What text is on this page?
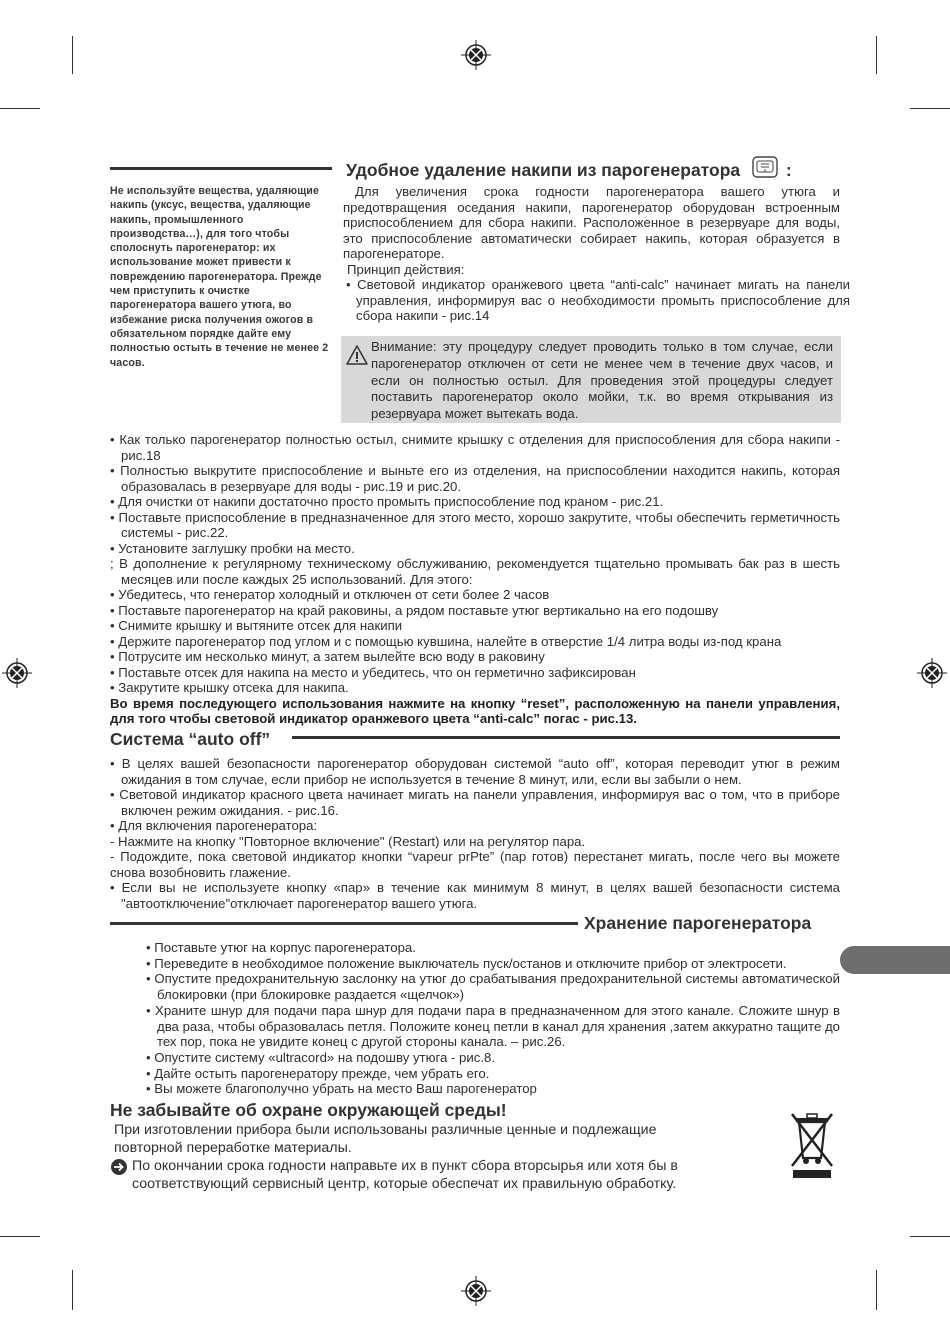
Удобное удаление накипи из парогенератора	:
Не используйте вещества, удаляющие накипь (уксус, вещества, удаляющие накипь, промышленного производства…), для того чтобы сполоснуть парогенератор: их использование может привести к повреждению парогенератора. Прежде чем приступить к очистке парогенератора вашего утюга, во избежание риска получения ожогов в обязательном порядке дайте ему полностью остыть в течение не менее 2 часов.
Для увеличения срока годности парогенератора вашего утюга и предотвращения оседания накипи, парогенератор оборудован встроенным приспособлением для сбора накипи. Расположенное в резервуаре для воды, это приспособление автоматически собирает накипь, которая образуется в парогенераторе.
Принцип действия:
• Световой индикатор оранжевого цвета “anti-calc” начинает мигать на панели управления, информируя вас о необходимости промыть приспособление для сбора накипи - рис.14
Внимание: эту процедуру следует проводить только в том случае, если парогенератор отключен от сети не менее чем в течение двух часов, и если он полностью остыл. Для проведения этой процедуры следует поставить парогенератор около мойки, т.к. во время открывания из резервуара может вытекать вода.
• Как только парогенератор полностью остыл, снимите крышку с отделения для приспособления для сбора накипи - рис.18
• Полностью выкрутите приспособление и выньте его из отделения, на приспособлении находится накипь, которая образовалась в резервуаре для воды - рис.19 и рис.20.
• Для очистки от накипи достаточно просто промыть приспособление под краном - рис.21.
• Поставьте приспособление в предназначенное для этого место, хорошо закрутите, чтобы обеспечить герметичность системы - рис.22.
• Установите заглушку пробки на место.
; В дополнение к регулярному техническому обслуживанию, рекомендуется тщательно промывать бак раз в шесть месяцев или после каждых 25 использований. Для этого:
• Убедитесь, что генератор холодный и отключен от сети более 2 часов
• Поставьте парогенератор на край раковины, а рядом поставьте утюг вертикально на его подошву
• Снимите крышку и вытяните отсек для накипи
• Держите парогенератор под углом и с помощью кувшина, налейте в отверстие 1/4 литра воды из-под крана
• Потрусите им несколько минут, а затем вылейте всю воду в раковину
• Поставьте отсек для накипа на место и убедитесь, что он герметично зафиксирован
• Закрутите крышку отсека для накипа.
Во время последующего использования нажмите на кнопку “reset”, расположенную на панели управления, для того чтобы световой индикатор оранжевого цвета “anti-calc” погас - рис.13.
Система “auto off”
• В целях вашей безопасности парогенератор оборудован системой “auto off”, которая переводит утюг в режим ожидания в том случае, если прибор не используется в течение 8 минут, или, если вы забыли о нем.
• Световой индикатор красного цвета начинает мигать на панели управления, информируя вас о том, что в приборе включен режим ожидания. - рис.16.
• Для включения парогенератора:
- Нажмите на кнопку "Повторное включение" (Restart) или на регулятор пара.
- Подождите, пока световой индикатор кнопки “vapeur prPte” (пар готов) перестанет мигать, после чего вы можете снова возобновить глажение.
• Если вы не используете кнопку «пар» в течение как минимум 8 минут, в целях вашей безопасности система "автоотключение"отключает парогенератор вашего утюга.
Хранение парогенератора
• Поставьте утюг на корпус парогенератора.
• Переведите в необходимое положение выключатель пуск/останов и отключите прибор от электросети.
• Опустите предохранительную заслонку на утюг до срабатывания предохранительной системы автоматической блокировки (при блокировке раздается «щелчок»)
• Храните шнур для подачи пара шнур для подачи пара в предназначенном для этого канале. Сложите шнур в два раза, чтобы образовалась петля. Положите конец петли в канал для хранения ,затем аккуратно тащите до тех пор, пока не увидите конец с другой стороны канала. – рис.26.
• Опустите систему «ultracord» на подошву утюга - рис.8.
• Дайте остыть парогенератору прежде, чем убрать его.
• Вы можете благополучно убрать на место Ваш парогенератор
Не забывайте об охране окружающей среды!
При изготовлении прибора были использованы различные ценные и подлежащие повторной переработке материалы.
По окончании срока годности направьте их в пункт сбора вторсырья или хотя бы в соответствующий сервисный центр, которые обеспечат их правильную обработку.
